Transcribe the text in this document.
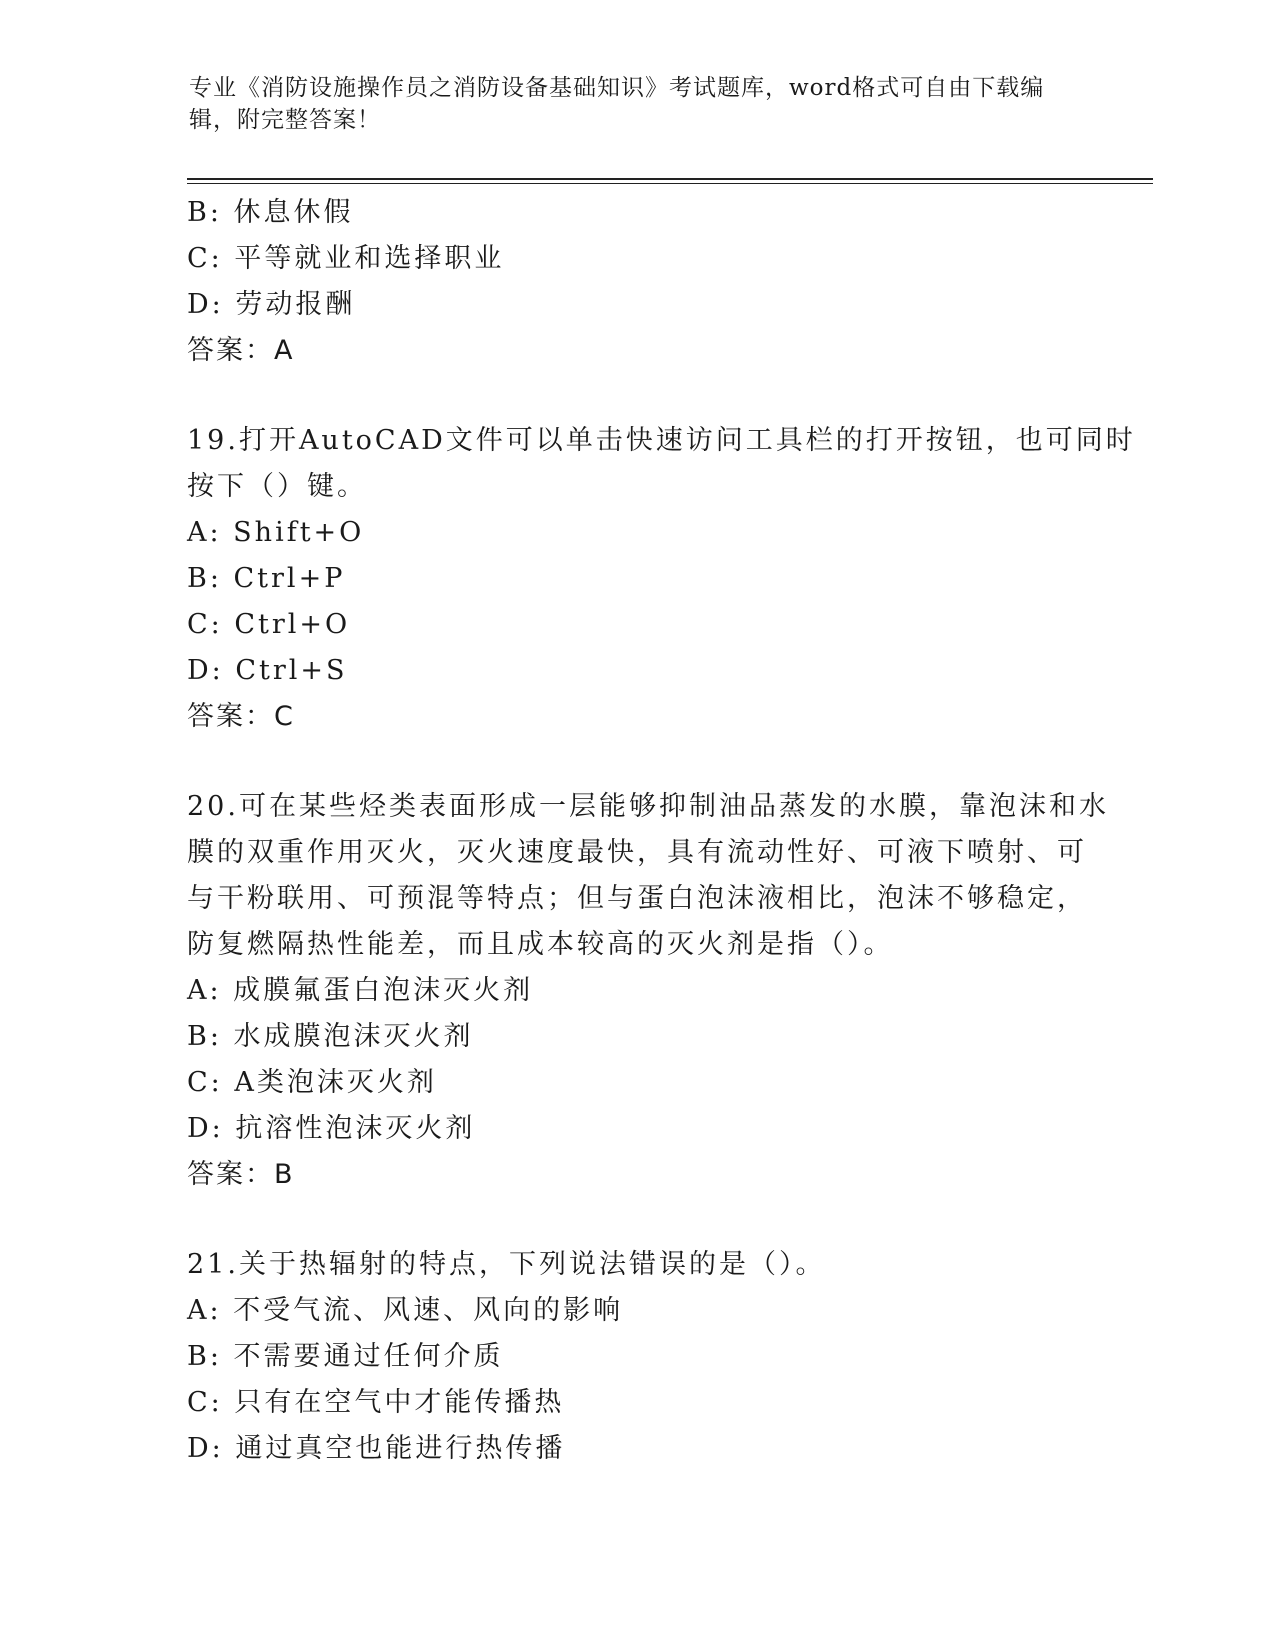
专业《消防设施操作员之消防设备基础知识》考试题库，word格式可自由下载编
辑，附完整答案！
B: 休息休假
C: 平等就业和选择职业
D: 劳动报酬
答案：A
19.打开AutoCAD文件可以单击快速访问工具栏的打开按钮，也可同时
按下（）键。
A: Shift+O
B: Ctrl+P
C: Ctrl+O
D: Ctrl+S
答案：C
20.可在某些烃类表面形成一层能够抑制油品蒸发的水膜，靠泡沫和水
膜的双重作用灭火，灭火速度最快，具有流动性好、可液下喷射、可
与干粉联用、可预混等特点；但与蛋白泡沫液相比，泡沫不够稳定，
防复燃隔热性能差，而且成本较高的灭火剂是指（）。
A: 成膜氟蛋白泡沫灭火剂
B: 水成膜泡沫灭火剂
C: A类泡沫灭火剂
D: 抗溶性泡沫灭火剂
答案：B
21.关于热辐射的特点，下列说法错误的是（）。
A: 不受气流、风速、风向的影响
B: 不需要通过任何介质
C: 只有在空气中才能传播热
D: 通过真空也能进行热传播
